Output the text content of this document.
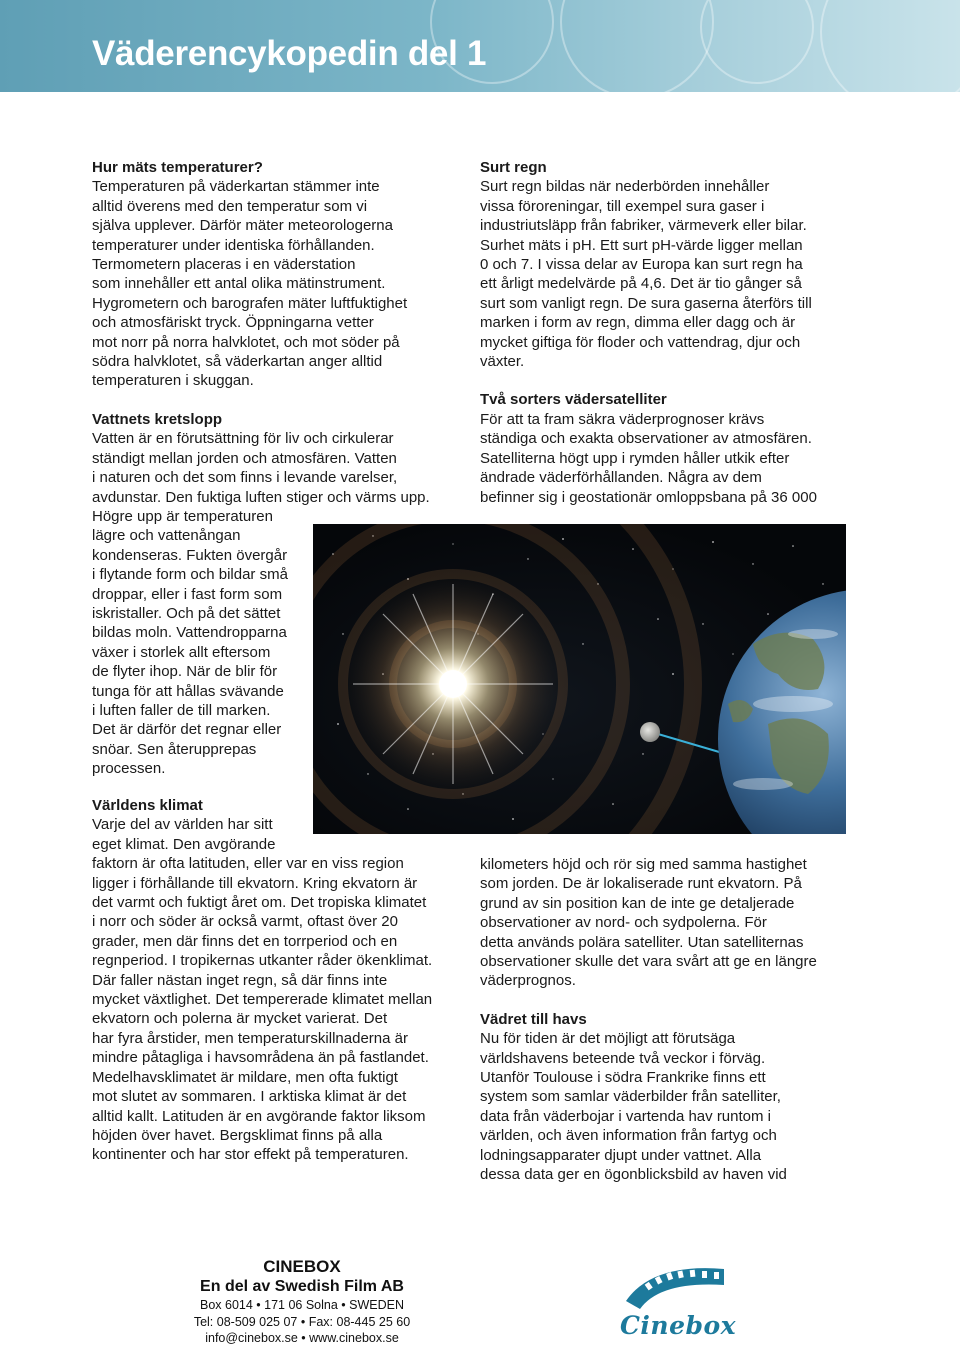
Väderencykopedin del 1
Hur mäts temperaturer?

Temperaturen på väderkartan stämmer inte
alltid överens med den temperatur som vi
själva upplever. Därför mäter meteorologerna
temperaturer under identiska förhållanden.
Termometern placeras i en väderstation
som innehåller ett antal olika mätinstrument.
Hygrometern och barografen mäter luftfuktighet
och atmosfäriskt tryck. Öppningarna vetter
mot norr på norra halvklotet, och mot söder på
södra halvklotet, så väderkartan anger alltid
temperaturen i skuggan.

Vattnets kretslopp

Vatten är en förutsättning för liv och cirkulerar
ständigt mellan jorden och atmosfären. Vatten
i naturen och det som finns i levande varelser,
avdunstar. Den fuktiga luften stiger och värms upp.
Högre upp är temperaturen
lägre och vattenångan
kondenseras. Fukten övergår
i flytande form och bildar små
droppar, eller i fast form som
iskristaller. Och på det sättet
bildas moln. Vattendropparna
växer i storlek allt eftersom
de flyter ihop. När de blir för
tunga för att hållas svävande
i luften faller de till marken.
Det är därför det regnar eller
snöar. Sen återupprepas
processen.

Världens klimat

Varje del av världen har sitt
eget klimat. Den avgörande
faktorn är ofta latituden, eller var en viss region
ligger i förhållande till ekvatorn. Kring ekvatorn är
det varmt och fuktigt året om. Det tropiska klimatet
i norr och söder är också varmt, oftast över 20
grader, men där finns det en torrperiod och en
regnperiod. I tropikernas utkanter råder ökenklimat.
Där faller nästan inget regn, så där finns inte
mycket växtlighet. Det tempererade klimatet mellan
ekvatorn och polerna är mycket varierat. Det
har fyra årstider, men temperaturskillnaderna är
mindre påtagliga i havsområdena än på fastlandet.
Medelhavsklimatet är mildare, men ofta fuktigt
mot slutet av sommaren. I arktiska klimat är det
alltid kallt. Latituden är en avgörande faktor liksom
höjden över havet. Bergsklimat finns på alla
kontinenter och har stor effekt på temperaturen.

Surt regn

Surt regn bildas när nederbörden innehåller
vissa föroreningar, till exempel sura gaser i
industriutsläpp från fabriker, värmeverk eller bilar.
Surhet mäts i pH. Ett surt pH-värde ligger mellan
0 och 7. I vissa delar av Europa kan surt regn ha
ett årligt medelvärde på 4,6. Det är tio gånger så
surt som vanligt regn. De sura gaserna återförs till
marken i form av regn, dimma eller dagg och är
mycket giftiga för floder och vattendrag, djur och
växter.

Två sorters vädersatelliter

För att ta fram säkra väderprognoser krävs
ständiga och exakta observationer av atmosfären.
Satelliterna högt upp i rymden håller utkik efter
ändrade väderförhållanden. Några av dem
befinner sig i geostationär omloppsbana på 36 000

kilometers höjd och rör sig med samma hastighet
som jorden. De är lokaliserade runt ekvatorn. På
grund av sin position kan de inte ge detaljerade
observationer av nord- och sydpolerna. För
detta används polära satelliter. Utan satelliternas
observationer skulle det vara svårt att ge en längre
väderprognos.

Vädret till havs

Nu för tiden är det möjligt att förutsäga
världshavens beteende två veckor i förväg.
Utanför Toulouse i södra Frankrike finns ett
system som samlar väderbilder från satelliter,
data från väderbojar i vartenda hav runtom i
världen, och även information från fartyg och
lodningsapparater djupt under vattnet. Alla
dessa data ger en ögonblicksbild av haven vid

CINEBOX
En del av Swedish Film AB
Box 6014 • 171 06 Solna • SWEDEN
Tel: 08-509 025 07 • Fax: 08-445 25 60
info@cinebox.se • www.cinebox.se	Cinebox
